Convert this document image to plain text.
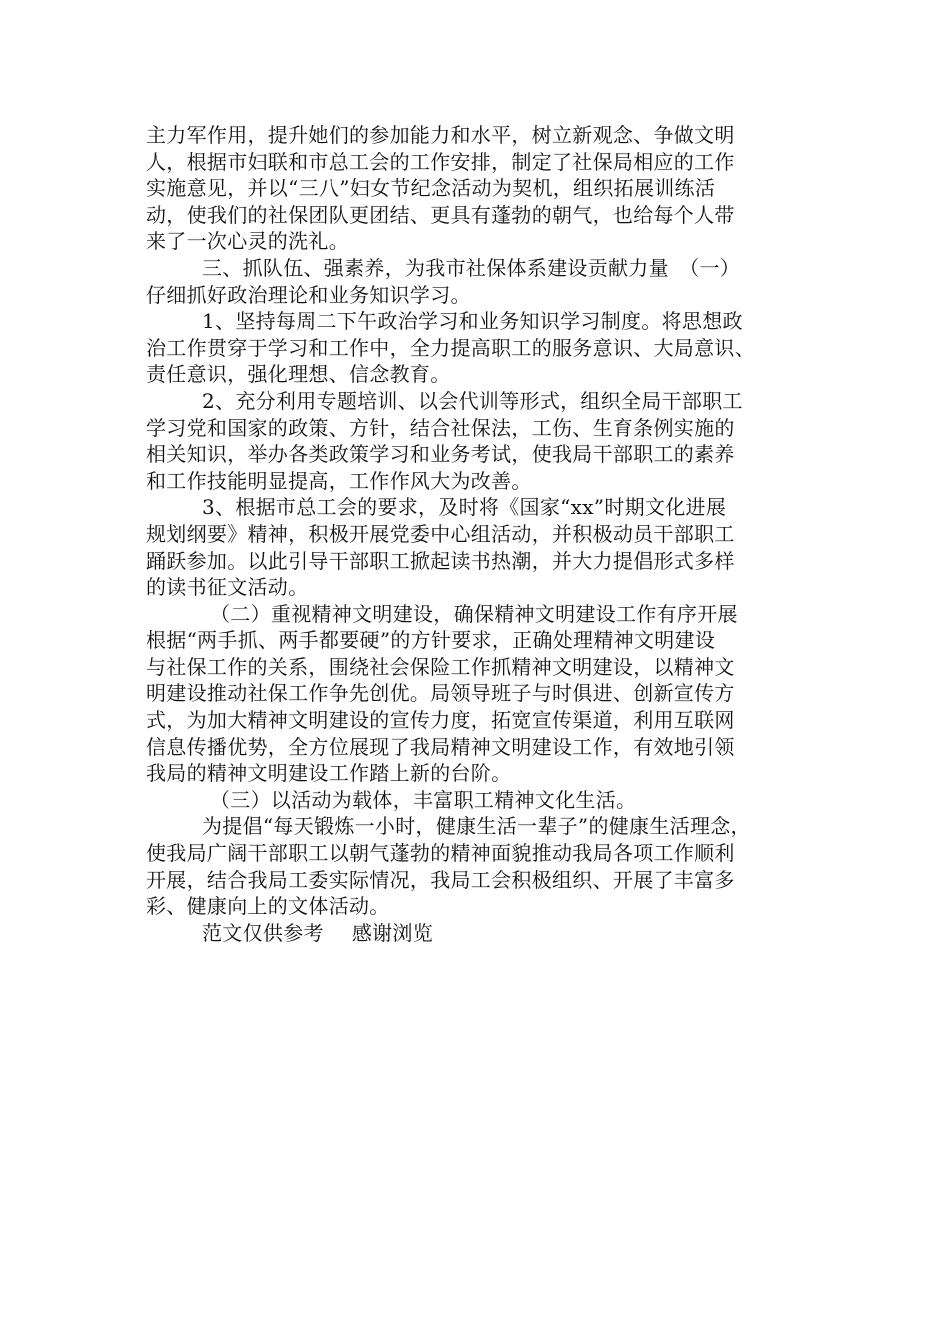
主力军作用，提升她们的参加能力和水平，树立新观念、争做文明
人，根据市妇联和市总工会的工作安排，制定了社保局相应的工作
实施意见，并以“三八”妇女节纪念活动为契机，组织拓展训练活
动，使我们的社保团队更团结、更具有蓬勃的朝气，也给每个人带
来了一次心灵的洗礼。
三、抓队伍、强素养，为我市社保体系建设贡献力量　（一）
仔细抓好政治理论和业务知识学习。
1、坚持每周二下午政治学习和业务知识学习制度。将思想政
治工作贯穿于学习和工作中，全力提高职工的服务意识、大局意识、
责任意识，强化理想、信念教育。
2、充分利用专题培训、以会代训等形式，组织全局干部职工
学习党和国家的政策、方针，结合社保法，工伤、生育条例实施的
相关知识，举办各类政策学习和业务考试，使我局干部职工的素养
和工作技能明显提高，工作作风大为改善。
3、根据市总工会的要求，及时将《国家“xx”时期文化进展
规划纲要》精神，积极开展党委中心组活动，并积极动员干部职工
踊跃参加。以此引导干部职工掀起读书热潮，并大力提倡形式多样
的读书征文活动。
（二）重视精神文明建设，确保精神文明建设工作有序开展
根据“两手抓、两手都要硬”的方针要求，正确处理精神文明建设
与社保工作的关系，围绕社会保险工作抓精神文明建设，以精神文
明建设推动社保工作争先创优。局领导班子与时俱进、创新宣传方
式，为加大精神文明建设的宣传力度，拓宽宣传渠道，利用互联网
信息传播优势，全方位展现了我局精神文明建设工作，有效地引领
我局的精神文明建设工作踏上新的台阶。
（三）以活动为载体，丰富职工精神文化生活。
为提倡“每天锻炼一小时，健康生活一辈子”的健康生活理念，
使我局广阔干部职工以朝气蓬勃的精神面貌推动我局各项工作顺利
开展，结合我局工委实际情况，我局工会积极组织、开展了丰富多
彩、健康向上的文体活动。
范文仅供参考 感谢浏览
